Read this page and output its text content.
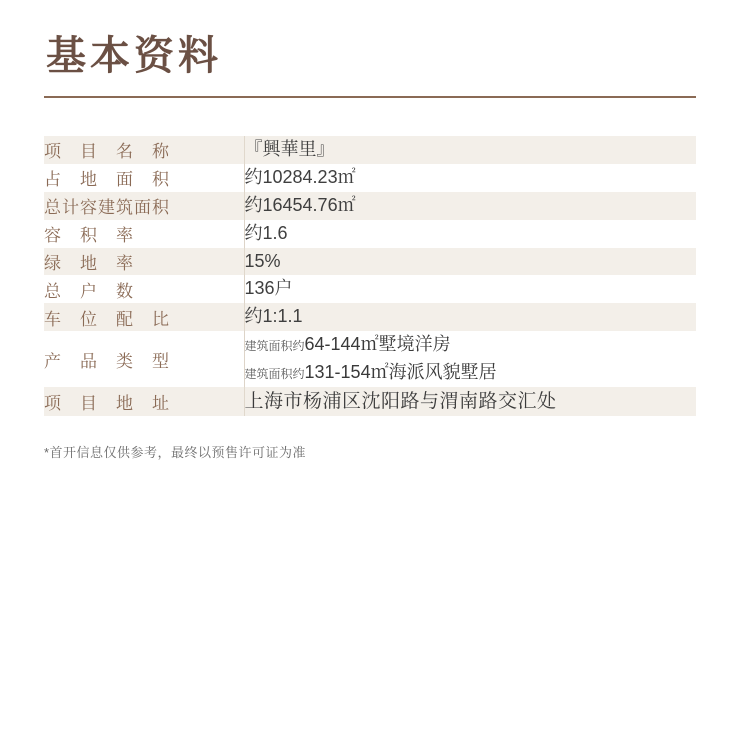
基本资料
项　目　名　称	『興華里』
占　地　面　积	约10284.23㎡
总计容建筑面积	约16454.76㎡
容　积　率	约1.6
绿　地　率	15%
总　户　数	136户
车　位　配　比	约1:1.1
产　品　类　型	建筑面积约64-144㎡墅境洋房
建筑面积约131-154㎡海派风貌墅居

项　目　地　址	上海市杨浦区沈阳路与渭南路交汇处
*首开信息仅供参考，最终以预售许可证为准
